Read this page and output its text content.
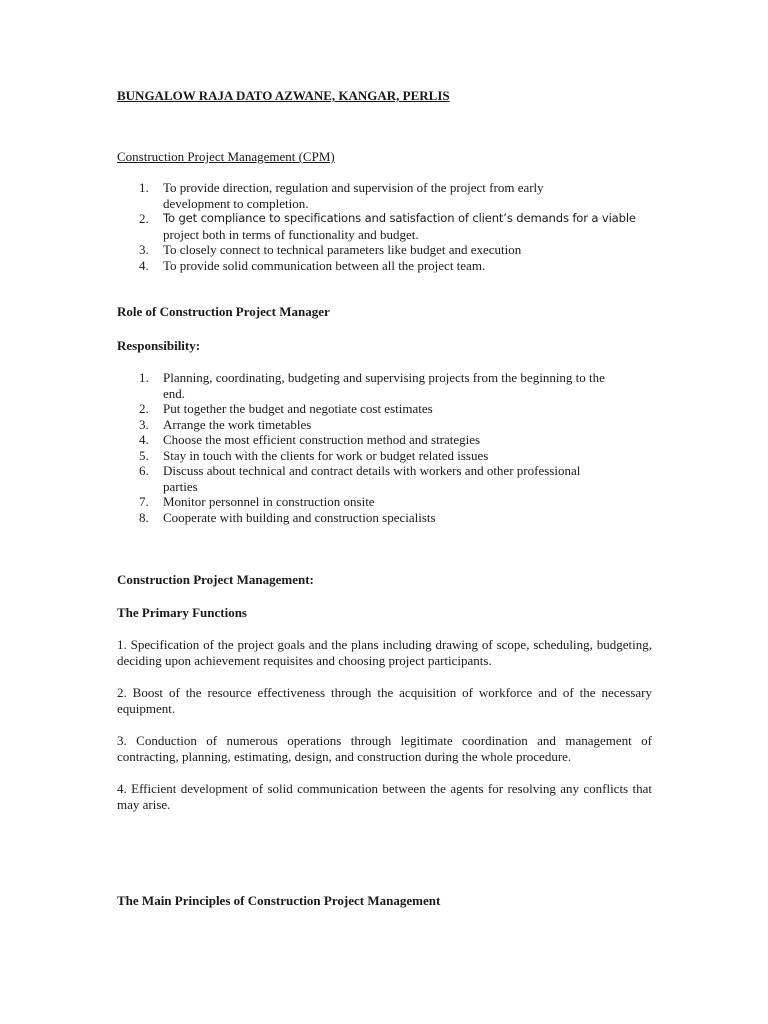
BUNGALOW RAJA DATO AZWANE, KANGAR, PERLIS
Construction Project Management (CPM)
1. To provide direction, regulation and supervision of the project from early
development to completion.
2. To get compliance to specifications and satisfaction of client’s demands for a viable
project both in terms of functionality and budget.
3. To closely connect to technical parameters like budget and execution
4. To provide solid communication between all the project team.
Role of Construction Project Manager
Responsibility:
1. Planning, coordinating, budgeting and supervising projects from the beginning to the
end.
2. Put together the budget and negotiate cost estimates
3. Arrange the work timetables
4. Choose the most efficient construction method and strategies
5. Stay in touch with the clients for work or budget related issues
6. Discuss about technical and contract details with workers and other professional
parties
7. Monitor personnel in construction onsite
8. Cooperate with building and construction specialists
Construction Project Management:
The Primary Functions
1. Specification of the project goals and the plans including drawing of scope, scheduling, budgeting, deciding upon achievement requisites and choosing project participants.
2. Boost of the resource effectiveness through the acquisition of workforce and of the necessary equipment.
3. Conduction of numerous operations through legitimate coordination and management of contracting, planning, estimating, design, and construction during the whole procedure.
4. Efficient development of solid communication between the agents for resolving any conflicts that may arise.
The Main Principles of Construction Project Management
